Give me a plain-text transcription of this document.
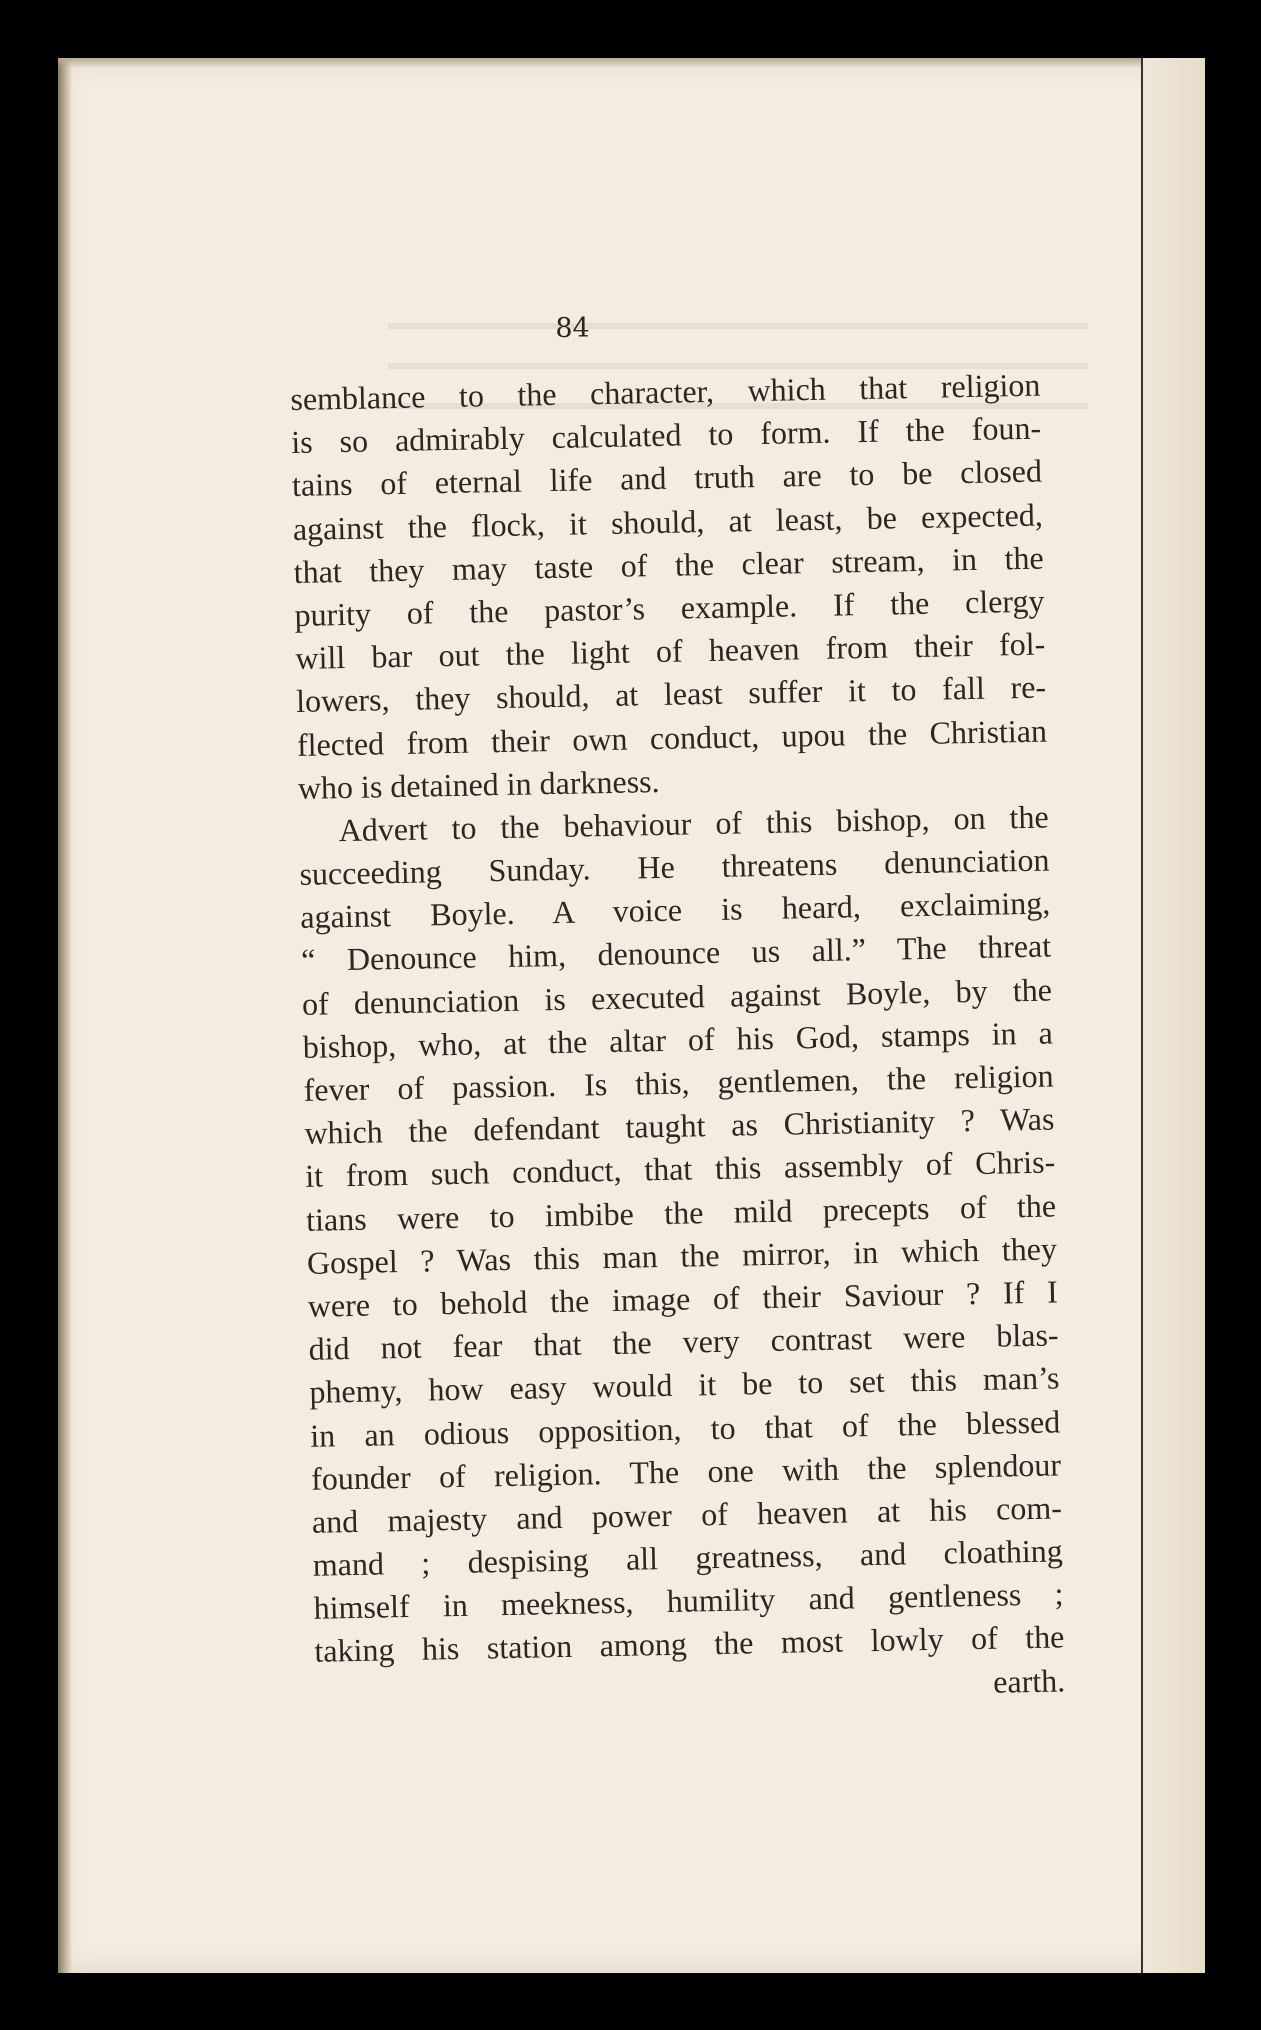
84
semblance to the character, which that religion
is so admirably calculated to form. If the foun-
tains of eternal life and truth are to be closed
against the flock, it should, at least, be expected,
that they may taste of the clear stream, in the
purity of the pastor’s example. If the clergy
will bar out the light of heaven from their fol-
lowers, they should, at least suffer it to fall re-
flected from their own conduct, upou the Christian
who is detained in darkness.
Advert to the behaviour of this bishop, on the
succeeding Sunday. He threatens denunciation
against Boyle. A voice is heard, exclaiming,
“ Denounce him, denounce us all.” The threat
of denunciation is executed against Boyle, by the
bishop, who, at the altar of his God, stamps in a
fever of passion. Is this, gentlemen, the religion
which the defendant taught as Christianity ? Was
it from such conduct, that this assembly of Chris-
tians were to imbibe the mild precepts of the
Gospel ? Was this man the mirror, in which they
were to behold the image of their Saviour ? If I
did not fear that the very contrast were blas-
phemy, how easy would it be to set this man’s
in an odious opposition, to that of the blessed
founder of religion. The one with the splendour
and majesty and power of heaven at his com-
mand ; despising all greatness, and cloathing
himself in meekness, humility and gentleness ;
taking his station among the most lowly of the
earth.
